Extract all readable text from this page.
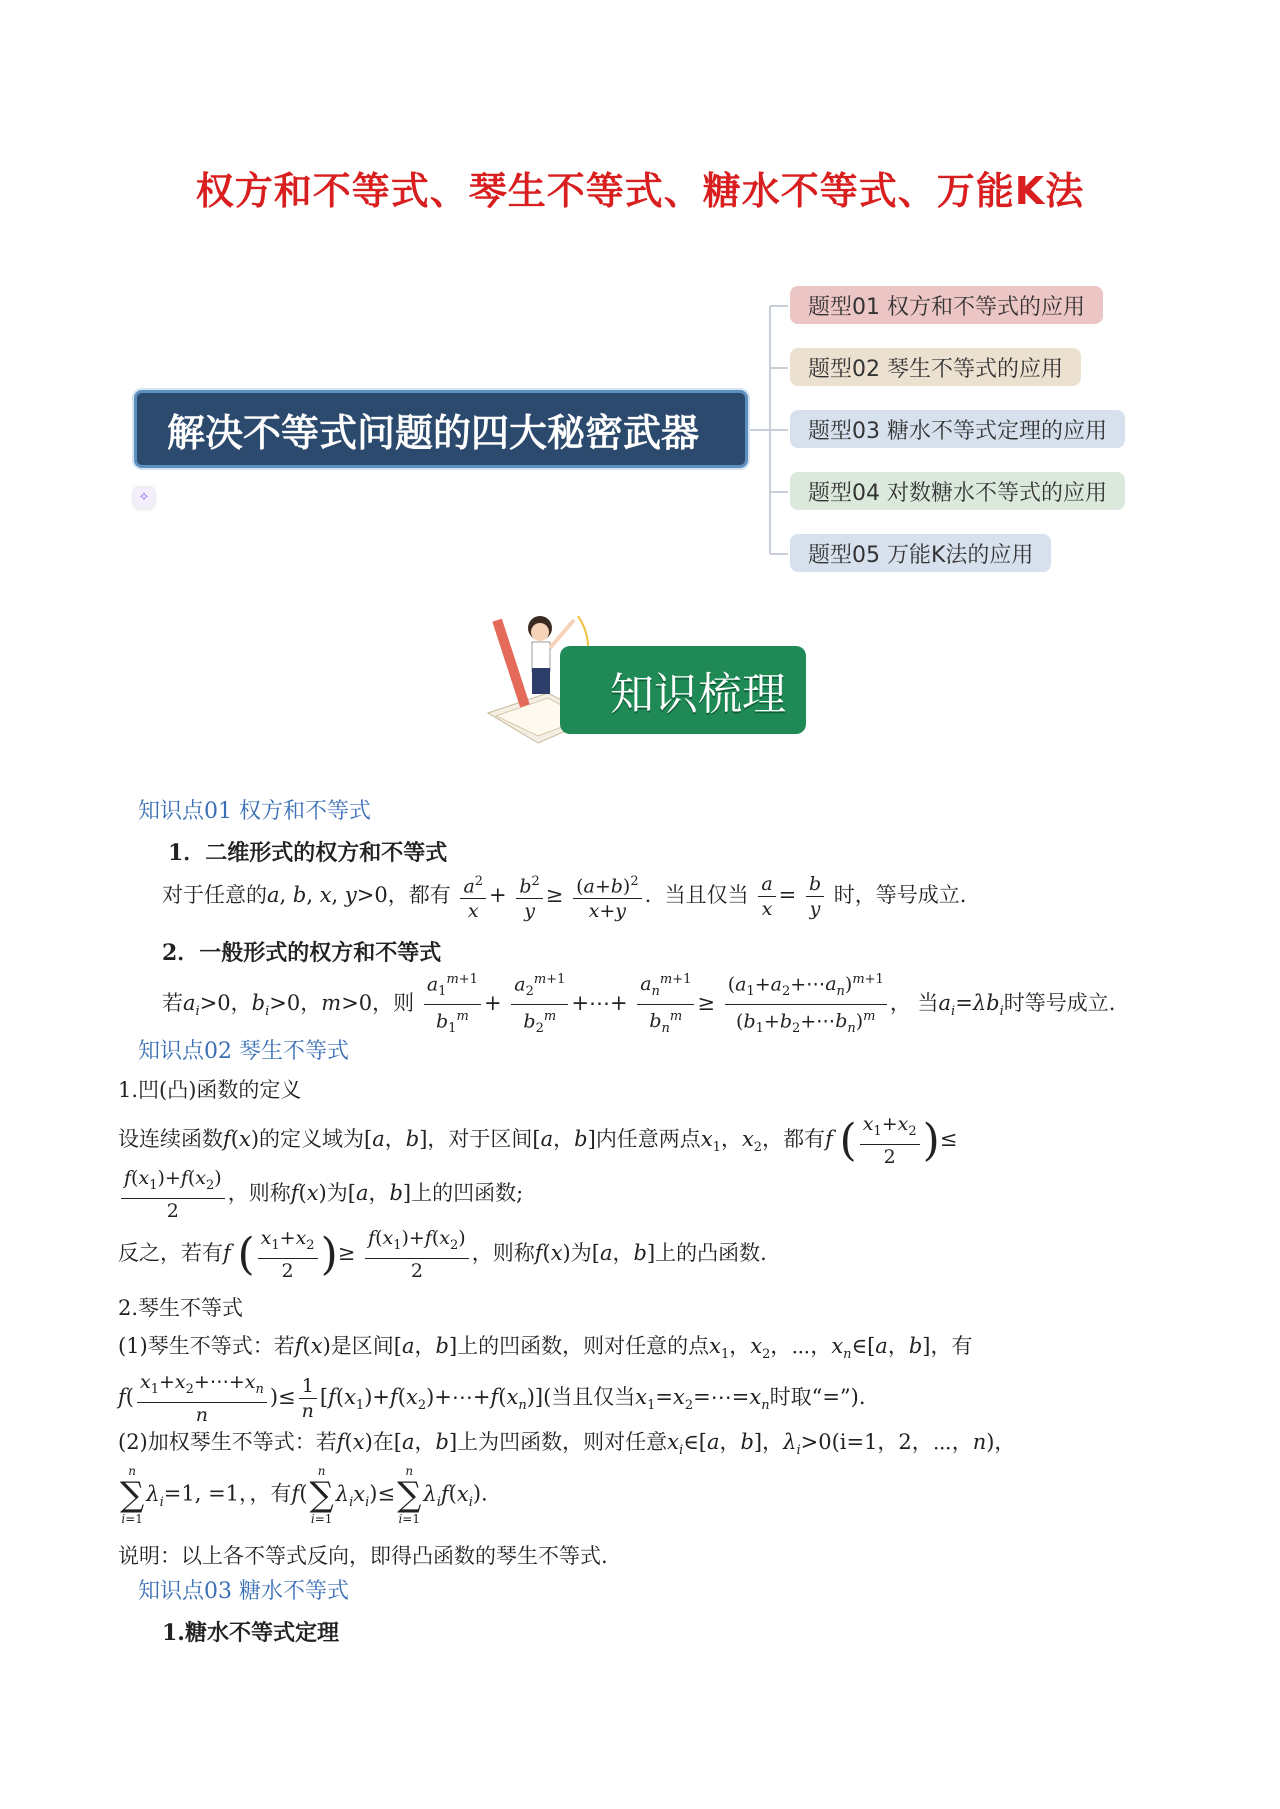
权方和不等式、琴生不等式、糖水不等式、万能K法
解决不等式问题的四大秘密武器
✧
题型01 权方和不等式的应用
题型02 琴生不等式的应用
题型03 糖水不等式定理的应用
题型04 对数糖水不等式的应用
题型05 万能K法的应用
知识梳理
知识点01 权方和不等式
1．二维形式的权方和不等式
对于任意的a, b, x, y>0，都有 $\frac{a^2}{x} + \frac{b^2}{y} \ge \frac{(a+b)^2}{x+y}$ .  当且仅当 $\frac{a}{x} = \frac{b}{y}$ 时，等号成立.
2．一般形式的权方和不等式
若$a_i>0$，$b_i>0$，m>0，则 $\frac{a_1^{m+1}}{b_1^m} + \frac{a_2^{m+1}}{b_2^m}$ +⋯+ $\frac{a_n^{m+1}}{b_n^m} \ge \frac{(a_1+a_2+\cdots a_n)^{m+1}}{(b_1+b_2+\cdots b_n)^m}$ ， 当$a_i=\lambda b_i$时等号成立.
知识点02 琴生不等式
1.凹(凸)函数的定义
设连续函数f(x)的定义域为[a，b]，对于区间[a，b]内任意两点$x_1$，$x_2$，都有f ( $\frac{x_1+x_2}{2}$ )≤
$\frac{f(x_1)+f(x_2)}{2}$ ，则称f(x)为[a，b]上的凹函数;
反之，若有f ( $\frac{x_1+x_2}{2}$ )≥ $\frac{f(x_1)+f(x_2)}{2}$ ，则称f(x)为[a，b]上的凸函数.
2.琴生不等式
(1)琴生不等式：若f(x)是区间[a，b]上的凹函数，则对任意的点$x_1$，$x_2$，⋯，$x_n\in[a$，b]，有
$f( \frac{x_1+x_2+\cdots+x_n}{n}$ )≤ $\frac{1}{n}$ $[f(x_1)+f(x_2)+\cdots+f(x_n)]$(当且仅当$x_1=x_2=\cdots=x_n$时取“=”).
(2)加权琴生不等式：若f(x)在[a，b]上为凹函数，则对任意$x_i\in[a$，b]，$\lambda_i>0(i=1$，2，⋯，n)，
n
∑
$i=1\lambda_i=1$, =1，，有f(n
∑
$i=1\lambda_ix_i)\le n$
∑
$i=1\lambda_if(x_i)$.
说明：以上各不等式反向，即得凸函数的琴生不等式.
知识点03 糖水不等式
1.糖水不等式定理
